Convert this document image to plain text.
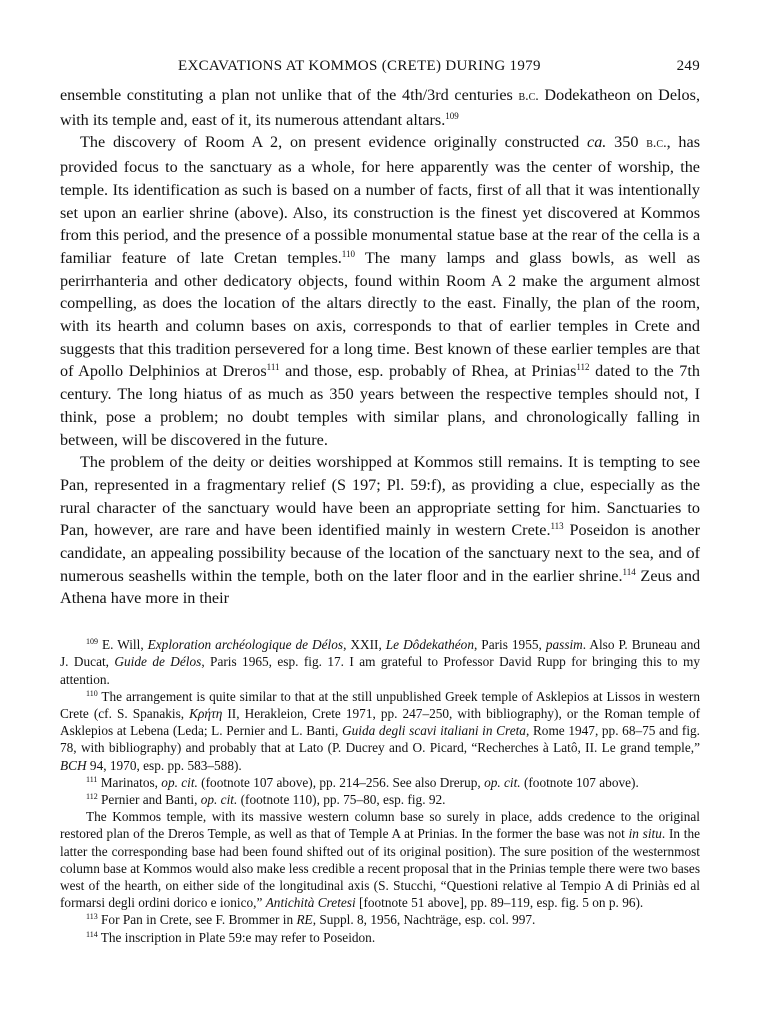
EXCAVATIONS AT KOMMOS (CRETE) DURING 1979	249

ensemble constituting a plan not unlike that of the 4th/3rd centuries b.c. Dodekatheon on Delos, with its temple and, east of it, its numerous attendant altars.$^{109}$

The discovery of Room A 2, on present evidence originally constructed ca. 350 b.c., has provided focus to the sanctuary as a whole, for here apparently was the center of worship, the temple. Its identification as such is based on a number of facts, first of all that it was intentionally set upon an earlier shrine (above). Also, its construction is the finest yet discovered at Kommos from this period, and the presence of a possible monumental statue base at the rear of the cella is a familiar feature of late Cretan temples.$^{110}$ The many lamps and glass bowls, as well as perirrhanteria and other dedicatory objects, found within Room A 2 make the argument almost compelling, as does the location of the altars directly to the east. Finally, the plan of the room, with its hearth and column bases on axis, corresponds to that of earlier temples in Crete and suggests that this tradition persevered for a long time. Best known of these earlier temples are that of Apollo Delphinios at Dreros$^{111}$ and those, esp. probably of Rhea, at Prinias$^{112}$ dated to the 7th century. The long hiatus of as much as 350 years between the respective temples should not, I think, pose a problem; no doubt temples with similar plans, and chronologically falling in between, will be discovered in the future.

The problem of the deity or deities worshipped at Kommos still remains. It is tempting to see Pan, represented in a fragmentary relief (S 197; Pl. 59:f), as providing a clue, especially as the rural character of the sanctuary would have been an appropriate setting for him. Sanctuaries to Pan, however, are rare and have been identified mainly in western Crete.$^{113}$ Poseidon is another candidate, an appealing possibility because of the location of the sanctuary next to the sea, and of numerous seashells within the temple, both on the later floor and in the earlier shrine.$^{114}$ Zeus and Athena have more in their

$^{109}$ E. Will, Exploration archéologique de Délos, XXII, Le Dôdekathéon, Paris 1955, passim. Also P. Bruneau and J. Ducat, Guide de Délos, Paris 1965, esp. fig. 17. I am grateful to Professor David Rupp for bringing this to my attention.

$^{110}$ The arrangement is quite similar to that at the still unpublished Greek temple of Asklepios at Lissos in western Crete (cf. S. Spanakis, Κρήτη II, Herakleion, Crete 1971, pp. 247–250, with bibliography), or the Roman temple of Asklepios at Lebena (Leda; L. Pernier and L. Banti, Guida degli scavi italiani in Creta, Rome 1947, pp. 68–75 and fig. 78, with bibliography) and probably that at Lato (P. Ducrey and O. Picard, “Recherches à Latô, II. Le grand temple,” BCH 94, 1970, esp. pp. 583–588).

$^{111}$ Marinatos, op. cit. (footnote 107 above), pp. 214–256. See also Drerup, op. cit. (footnote 107 above).

$^{112}$ Pernier and Banti, op. cit. (footnote 110), pp. 75–80, esp. fig. 92.

The Kommos temple, with its massive western column base so surely in place, adds credence to the original restored plan of the Dreros Temple, as well as that of Temple A at Prinias. In the former the base was not in situ. In the latter the corresponding base had been found shifted out of its original position). The sure position of the westernmost column base at Kommos would also make less credible a recent proposal that in the Prinias temple there were two bases west of the hearth, on either side of the longitudinal axis (S. Stucchi, “Questioni relative al Tempio A di Priniàs ed al formarsi degli ordini dorico e ionico,” Antichità Cretesi [footnote 51 above], pp. 89–119, esp. fig. 5 on p. 96).

$^{113}$ For Pan in Crete, see F. Brommer in RE, Suppl. 8, 1956, Nachträge, esp. col. 997.

$^{114}$ The inscription in Plate 59:e may refer to Poseidon.
